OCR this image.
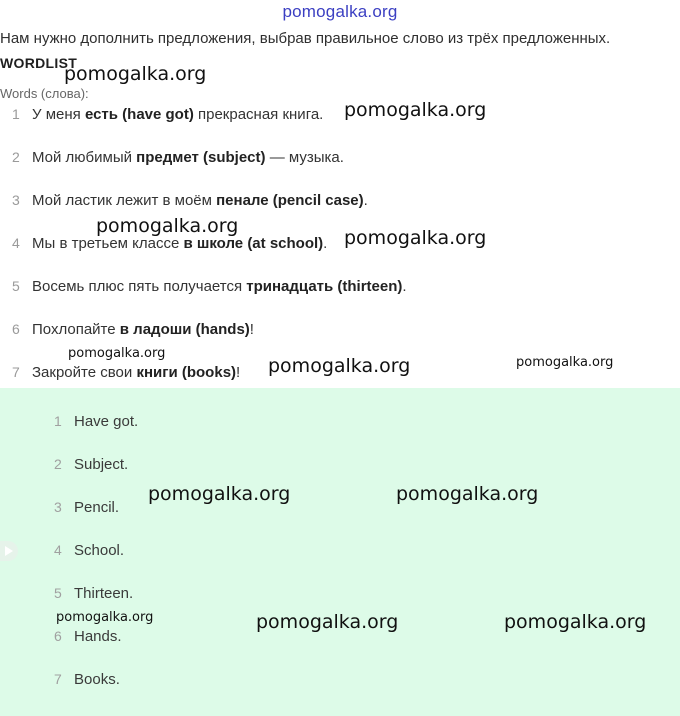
pomogalka.org
Нам нужно дополнить предложения, выбрав правильное слово из трёх предложенных.
WORDLIST
Words (слова):
1 У меня есть (have got) прекрасная книга.
2 Мой любимый предмет (subject) — музыка.
3 Мой ластик лежит в моём пенале (pencil case) .
4 Мы в третьем классе в школе (at school) .
5 Восемь плюс пять получается тринадцать (thirteen) .
6 Похлопайте в ладоши (hands) !
7 Закройте свои книги (books) !
1 Have got.
2 Subject.
3 Pencil.
4 School.
5 Thirteen.
6 Hands.
7 Books.
pomogalka.org
pomogalka.org
pomogalka.org
pomogalka.org
pomogalka.org
pomogalka.org	pomogalka.org
pomogalka.org	pomogalka.org
pomogalka.org	pomogalka.org	pomogalka.org
